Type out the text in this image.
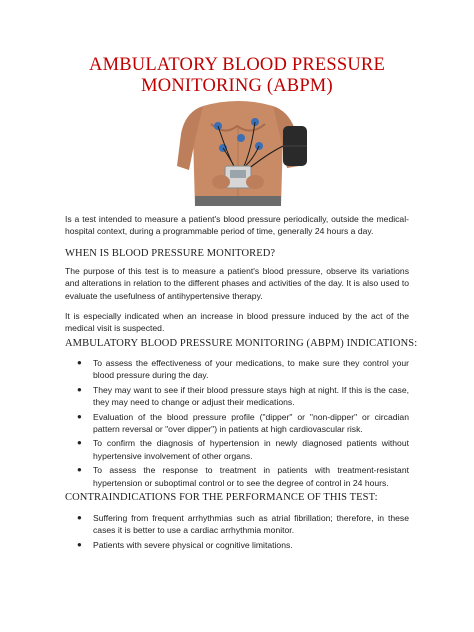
AMBULATORY BLOOD PRESSURE
MONITORING (ABPM)
Is a test intended to measure a patient's blood pressure periodically, outside the medical-hospital context, during a programmable period of time, generally 24 hours a day.
WHEN IS BLOOD PRESSURE MONITORED?
The purpose of this test is to measure a patient's blood pressure, observe its variations and alterations in relation to the different phases and activities of the day. It is also used to evaluate the usefulness of antihypertensive therapy.
It is especially indicated when an increase in blood pressure induced by the act of the medical visit is suspected.
AMBULATORY BLOOD PRESSURE MONITORING (ABPM) INDICATIONS:
● To assess the effectiveness of your medications, to make sure they control your blood pressure during the day.
● They may want to see if their blood pressure stays high at night. If this is the case, they may need to change or adjust their medications.
● Evaluation of the blood pressure profile ("dipper" or "non-dipper" or circadian pattern reversal or "over dipper") in patients at high cardiovascular risk.
● To confirm the diagnosis of hypertension in newly diagnosed patients without hypertensive involvement of other organs.
● To assess the response to treatment in patients with treatment-resistant hypertension or suboptimal control or to see the degree of control in 24 hours.
CONTRAINDICATIONS FOR THE PERFORMANCE OF THIS TEST:
● Suffering from frequent arrhythmias such as atrial fibrillation; therefore, in these cases it is better to use a cardiac arrhythmia monitor.
● Patients with severe physical or cognitive limitations.
